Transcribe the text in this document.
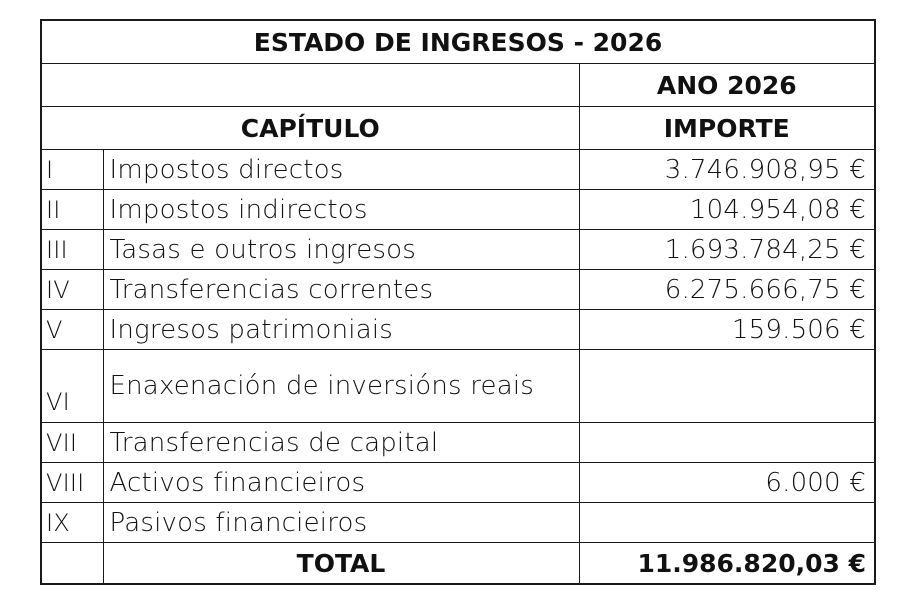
ESTADO DE INGRESOS - 2026		
		ANO 2026
CAPÍTULO		IMPORTE
I	Impostos directos	3.746.908,95 €
II	Impostos indirectos	104.954,08 €
III	Tasas e outros ingresos	1.693.784,25 €
IV	Transferencias correntes	6.275.666,75 €
V	Ingresos patrimoniais	159.506 €
VI	Enaxenación de inversións reais	
VII	Transferencias de capital	
VIII	Activos financieiros	6.000 €
IX	Pasivos financieiros	
	TOTAL	11.986.820,03 €
